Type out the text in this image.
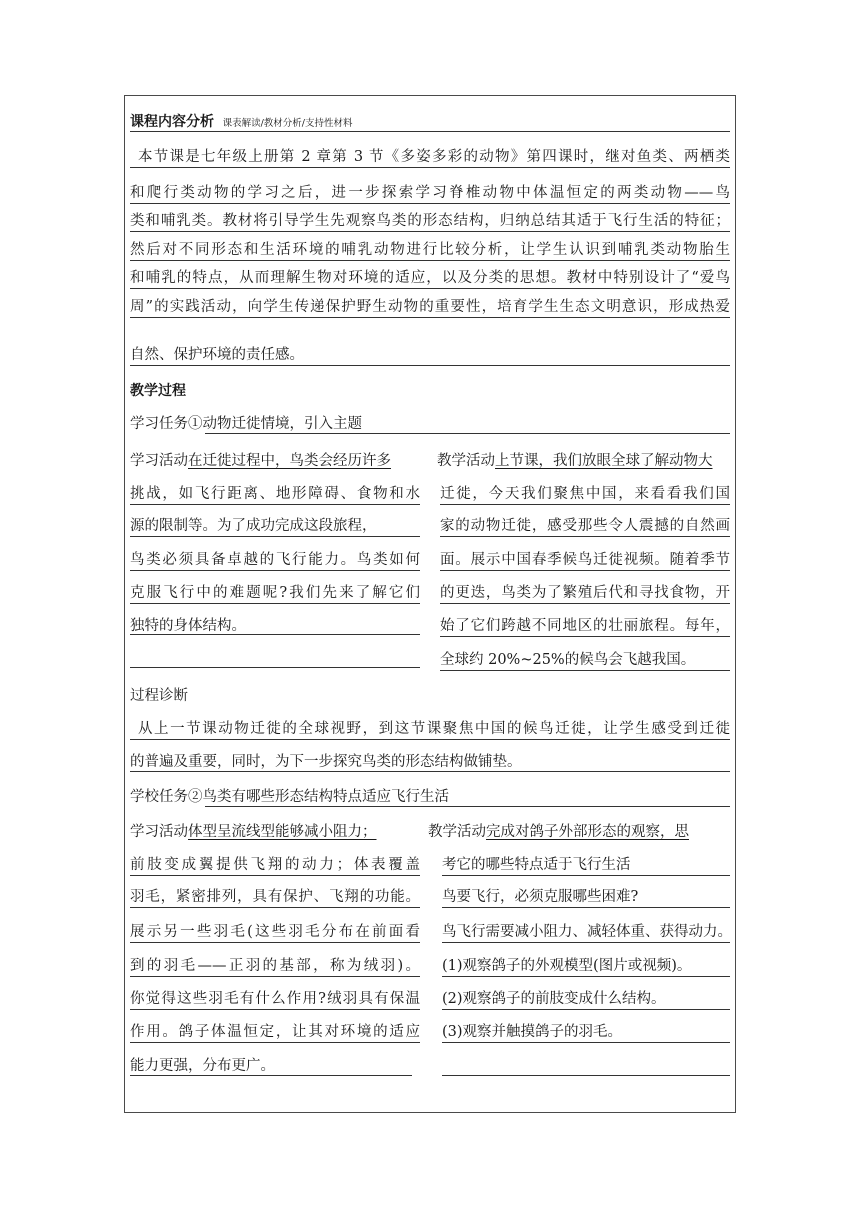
课程内容分析 课表解读/教材分析/支持性材料
本节课是七年级上册第 2 章第 3 节《多姿多彩的动物》第四课时，继对鱼类、两栖类
和爬行类动物的学习之后，进一步探索学习脊椎动物中体温恒定的两类动物——鸟
类和哺乳类。教材将引导学生先观察鸟类的形态结构，归纳总结其适于飞行生活的特征；
然后对不同形态和生活环境的哺乳动物进行比较分析，让学生认识到哺乳类动物胎生
和哺乳的特点，从而理解生物对环境的适应，以及分类的思想。教材中特别设计了“爱鸟
周”的实践活动，向学生传递保护野生动物的重要性，培育学生生态文明意识，形成热爱
自然、保护环境的责任感。
教学过程
学习任务①动物迁徙情境，引入主题
学习活动在迁徙过程中，鸟类会经历许多
挑战，如飞行距离、地形障碍、食物和水
源的限制等。为了成功完成这段旅程，
鸟类必须具备卓越的飞行能力。鸟类如何
克服飞行中的难题呢?我们先来了解它们
独特的身体结构。
教学活动上节课，我们放眼全球了解动物大
迁徙，今天我们聚焦中国，来看看我们国
家的动物迁徙，感受那些令人震撼的自然画
面。展示中国春季候鸟迁徙视频。随着季节
的更迭，鸟类为了繁殖后代和寻找食物，开
始了它们跨越不同地区的壮丽旅程。每年，
全球约 20%~25%的候鸟会飞越我国。
过程诊断
从上一节课动物迁徙的全球视野，到这节课聚焦中国的候鸟迁徙，让学生感受到迁徙
的普遍及重要，同时，为下一步探究鸟类的形态结构做铺垫。
学校任务②鸟类有哪些形态结构特点适应飞行生活
学习活动体型呈流线型能够减小阻力；
前肢变成翼提供飞翔的动力；体表覆盖
羽毛，紧密排列，具有保护、飞翔的功能。
展示另一些羽毛(这些羽毛分布在前面看
到的羽毛——正羽的基部，称为绒羽)。
你觉得这些羽毛有什么作用?绒羽具有保温
作用。鸽子体温恒定，让其对环境的适应
能力更强，分布更广。
教学活动完成对鸽子外部形态的观察，思
考它的哪些特点适于飞行生活
鸟要飞行，必须克服哪些困难?
鸟飞行需要减小阻力、减轻体重、获得动力。
(1)观察鸽子的外观模型(图片或视频)。
(2)观察鸽子的前肢变成什么结构。
(3)观察并触摸鸽子的羽毛。
